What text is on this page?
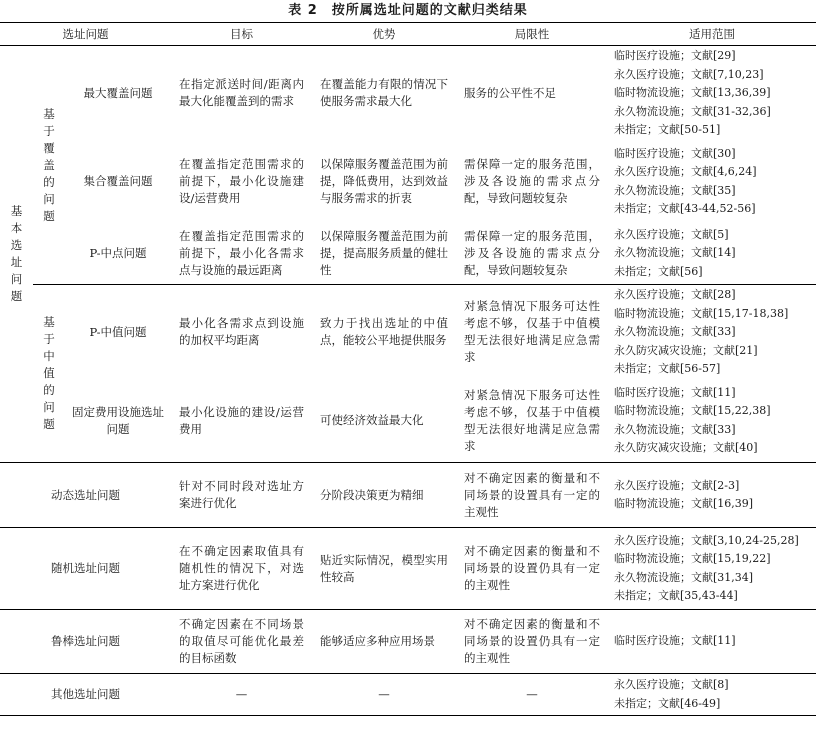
表 2　按所属选址问题的文献归类结果
选址问题			目标	优势	局限性	适用范围

基本选址问题	基于覆盖的问题	最大覆盖问题	在指定派送时间/距离内最大化能覆盖到的需求	在覆盖能力有限的情况下使服务需求最大化	服务的公平性不足	临时医疗设施；文献[29]
永久医疗设施；文献[7,10,23]
临时物流设施；文献[13,36,39]
永久物流设施；文献[31-32,36]
未指定；文献[50-51]

		集合覆盖问题	在覆盖指定范围需求的前提下，最小化设施建设/运营费用	以保障服务覆盖范围为前提，降低费用，达到效益与服务需求的折衷	需保障一定的服务范围，涉及各设施的需求点分配，导致问题较复杂	临时医疗设施；文献[30]
永久医疗设施；文献[4,6,24]
永久物流设施；文献[35]
未指定；文献[43-44,52-56]

		P-中点问题	在覆盖指定范围需求的前提下，最小化各需求点与设施的最远距离	以保障服务覆盖范围为前提，提高服务质量的健壮性	需保障一定的服务范围，涉及各设施的需求点分配，导致问题较复杂	永久医疗设施；文献[5]
永久物流设施；文献[14]
未指定；文献[56]

	基于中值的问题	P-中值问题	最小化各需求点到设施的加权平均距离	致力于找出选址的中值点，能较公平地提供服务	对紧急情况下服务可达性考虑不够，仅基于中值模型无法很好地满足应急需求	永久医疗设施；文献[28]
临时物流设施；文献[15,17-18,38]
永久物流设施；文献[33]
永久防灾减灾设施；文献[21]
未指定；文献[56-57]

		固定费用设施选址问题	最小化设施的建设/运营费用	可使经济效益最大化	对紧急情况下服务可达性考虑不够，仅基于中值模型无法很好地满足应急需求	临时医疗设施；文献[11]
临时物流设施；文献[15,22,38]
永久物流设施；文献[33]
永久防灾减灾设施；文献[40]

动态选址问题			针对不同时段对选址方案进行优化	分阶段决策更为精细	对不确定因素的衡量和不同场景的设置具有一定的主观性	永久医疗设施；文献[2-3]
临时物流设施；文献[16,39]

随机选址问题			在不确定因素取值具有随机性的情况下，对选址方案进行优化	贴近实际情况，模型实用性较高	对不确定因素的衡量和不同场景的设置仍具有一定的主观性	永久医疗设施；文献[3,10,24-25,28]
临时物流设施；文献[15,19,22]
永久物流设施；文献[31,34]
未指定；文献[35,43-44]

鲁棒选址问题			不确定因素在不同场景的取值尽可能优化最差的目标函数	能够适应多种应用场景	对不确定因素的衡量和不同场景的设置仍具有一定的主观性	临时医疗设施；文献[11]

其他选址问题			—	—	—	永久医疗设施；文献[8]
未指定；文献[46-49]
